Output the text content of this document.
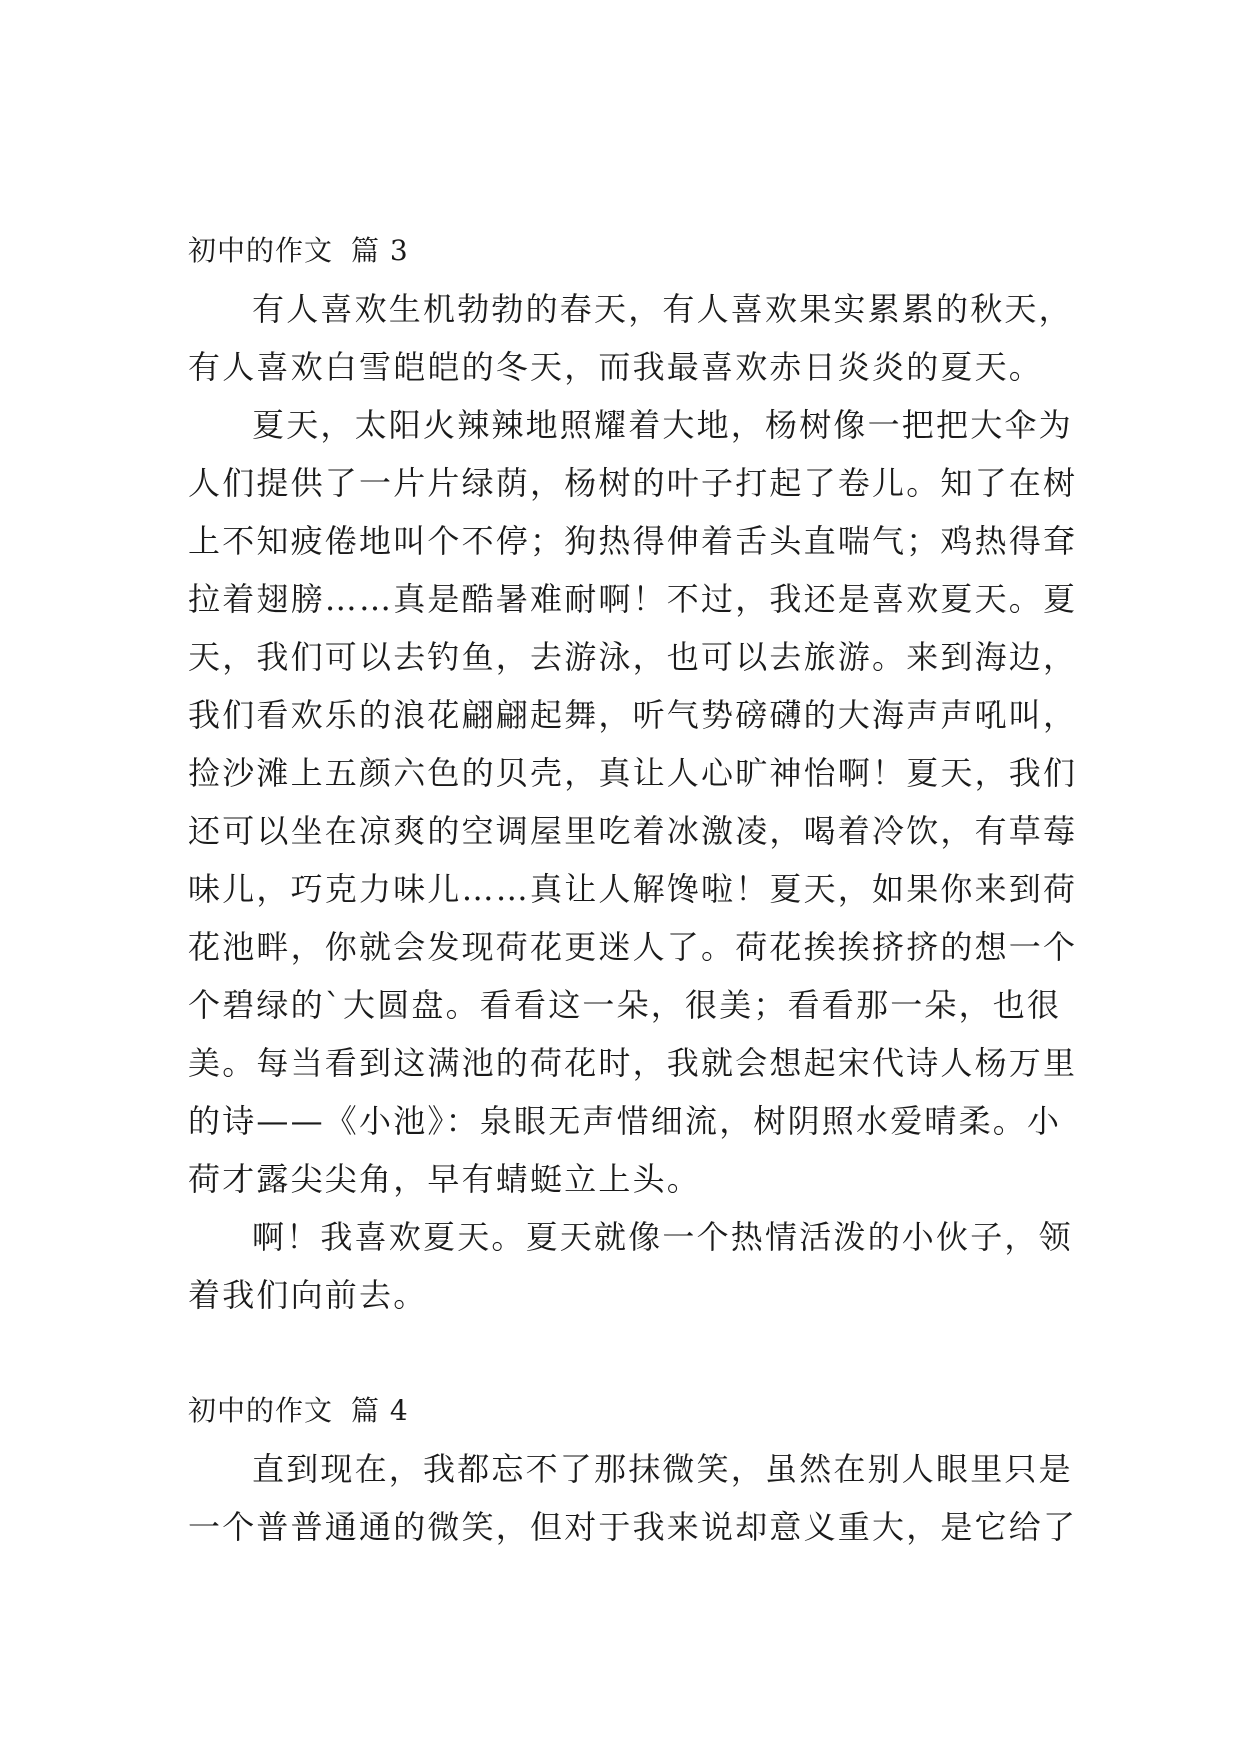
初中的作文 篇 3

有人喜欢生机勃勃的春天，有人喜欢果实累累的秋天，
有人喜欢白雪皑皑的冬天，而我最喜欢赤日炎炎的夏天。
夏天，太阳火辣辣地照耀着大地，杨树像一把把大伞为
人们提供了一片片绿荫，杨树的叶子打起了卷儿。知了在树
上不知疲倦地叫个不停；狗热得伸着舌头直喘气；鸡热得耷
拉着翅膀……真是酷暑难耐啊！不过，我还是喜欢夏天。夏
天，我们可以去钓鱼，去游泳，也可以去旅游。来到海边，
我们看欢乐的浪花翩翩起舞，听气势磅礴的大海声声吼叫，
捡沙滩上五颜六色的贝壳，真让人心旷神怡啊！夏天，我们
还可以坐在凉爽的空调屋里吃着冰激凌，喝着冷饮，有草莓
味儿，巧克力味儿……真让人解馋啦！夏天，如果你来到荷
花池畔，你就会发现荷花更迷人了。荷花挨挨挤挤的想一个
个碧绿的`大圆盘。看看这一朵，很美；看看那一朵，也很
美。每当看到这满池的荷花时，我就会想起宋代诗人杨万里
的诗——《小池》：泉眼无声惜细流，树阴照水爱晴柔。小
荷才露尖尖角，早有蜻蜓立上头。
啊！我喜欢夏天。夏天就像一个热情活泼的小伙子，领
着我们向前去。

初中的作文 篇 4

直到现在，我都忘不了那抹微笑，虽然在别人眼里只是
一个普普通通的微笑，但对于我来说却意义重大，是它给了
